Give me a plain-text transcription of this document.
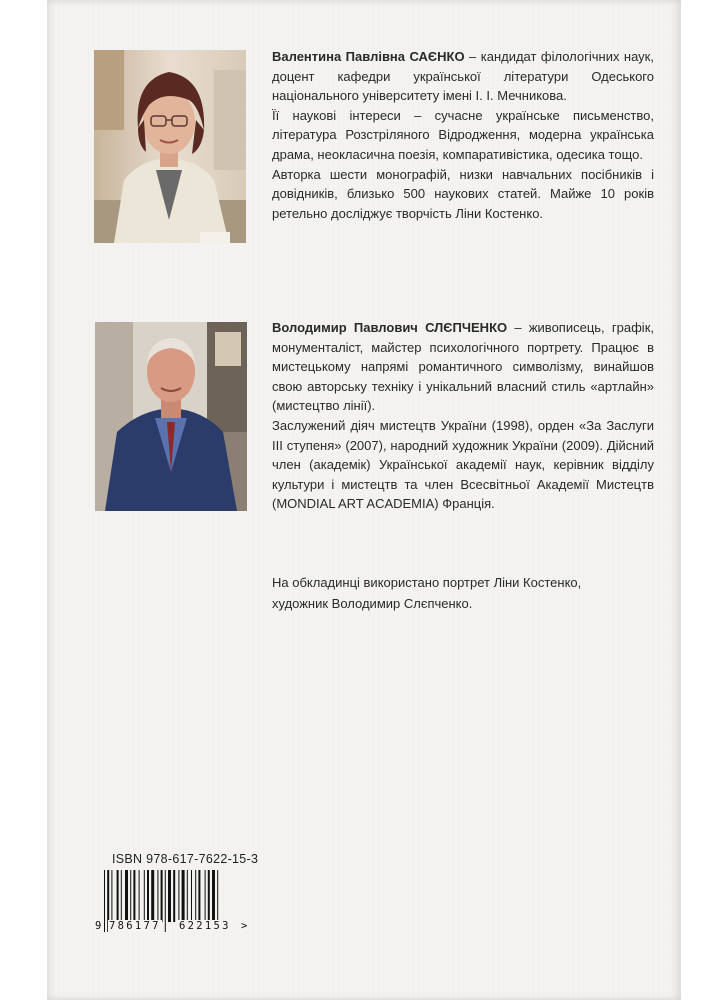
Валентина Павлівна САЄНКО – кандидат філологічних наук, доцент кафедри української літератури Одеського національного університету імені І. І. Мечникова.

Її наукові інтереси – сучасне українське письменство, література Розстріляного Відродження, модерна українська драма, неокласична поезія, компаративістика, одесика тощо.

Авторка шести монографій, низки навчальних посібників і довідників, близько 500 наукових статей. Майже 10 років ретельно досліджує творчість Ліни Костенко.

Володимир Павлович СЛЄПЧЕНКО – живописець, графік, монументаліст, майстер психологічного портрету. Працює в мистецькому напрямі романтичного символізму, винайшов свою авторську техніку і унікальний власний стиль «артлайн» (мистецтво лінії).

Заслужений діяч мистецтв України (1998), орден «За Заслуги ІІІ ступеня» (2007), народний художник України (2009). Дійсний член (академік) Української академії наук, керівник відділу культури і мистецтв та член Всесвітньої Академії Мистецтв (MONDIAL ART ACADEMIA) Франція.

На обкладинці використано портрет Ліни Костенко,
художник Володимир Слєпченко.
ISBN 978-617-7622-15-3
9 786177 622153 >
